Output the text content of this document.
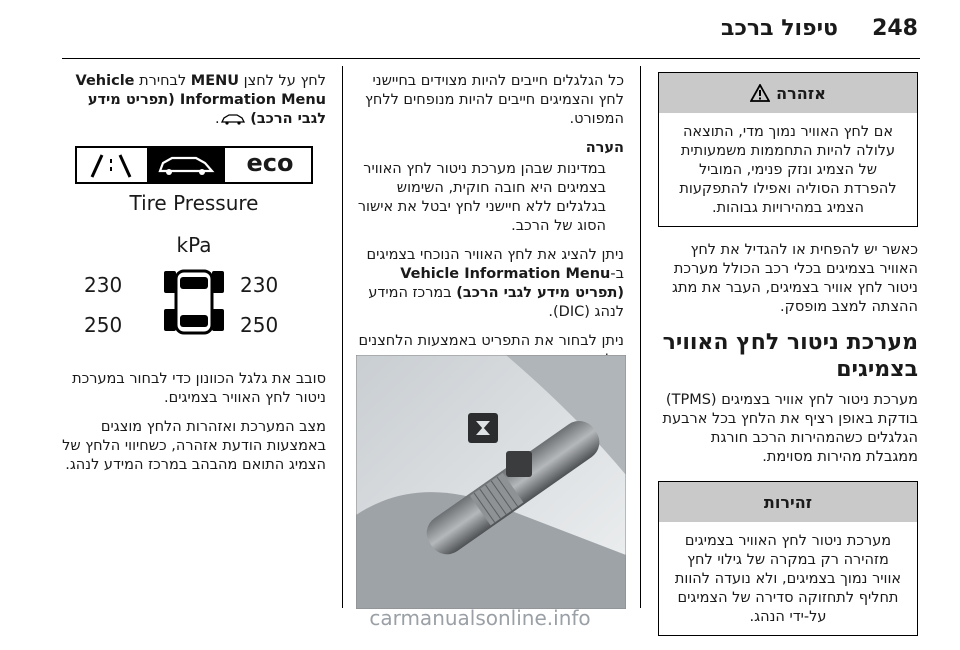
248
טיפול ברכב
אזהרה
אם לחץ האוויר נמוך מדי, התוצאה עלולה להיות התחממות משמעותית של הצמיג ונזק פנימי, המוביל להפרדת הסוליה ואפילו להתפקעות הצמיג במהירויות גבוהות.

כאשר יש להפחית או להגדיל את לחץ האוויר בצמיגים בכלי רכב הכולל מערכת ניטור לחץ אוויר בצמיגים, העבר את מתג ההצתה למצב מופסק.

מערכת ניטור לחץ האוויר בצמיגים

מערכת ניטור לחץ אוויר בצמיגים (TPMS) בודקת באופן רציף את הלחץ בכל ארבעת הגלגלים כשהמהירות הרכב חורגת ממגבלת מהירות מסוימת.

זהירות
מערכת ניטור לחץ האוויר בצמיגים מזהירה רק במקרה של גילוי לחץ אוויר נמוך בצמיגים, ולא נועדה להוות תחליף לתחזוקה סדירה של הצמיגים על-ידי הנהג.

כל הגלגלים חייבים להיות מצוידים בחיישני לחץ והצמיגים חייבים להיות מנופחים ללחץ המפורט.

הערה

במדינות שבהן מערכת ניטור לחץ האוויר בצמיגים היא חובה חוקית, השימוש בגלגלים ללא חיישני לחץ יבטל את אישור הסוג של הרכב.

ניתן להציג את לחץ האוויר הנוכחי בצמיגים ב-Vehicle Information Menu (תפריט מידע לגבי הרכב) במרכז המידע לנהג (DIC).

ניתן לבחור את התפריט באמצעות הלחצנים

לחץ על לחצן MENU לבחירת Vehicle Information Menu (תפריט מידע לגבי הרכב) .

eco
Tire Pressure
kPa
230	230
250	250

סובב את גלגל הכוונון כדי לבחור במערכת ניטור לחץ האוויר בצמיגים.

מצב המערכת ואזהרות הלחץ מוצגים באמצעות הודעת אזהרה, כשחיווי הלחץ של הצמיג התואם מהבהב במרכז המידע לנהג.

carmanualsonline.info
